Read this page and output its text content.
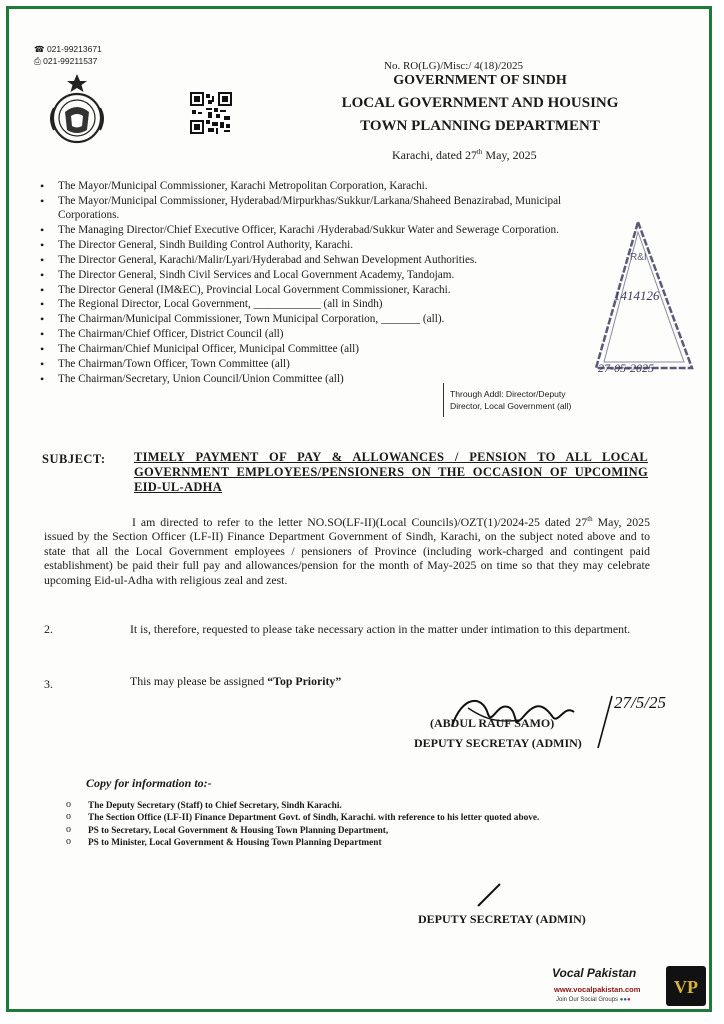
☎ 021-99213671
⎙ 021-99211537	No. RO(LG)/Misc:/ 4(18)/2025
GOVERNMENT OF SINDH
LOCAL GOVERNMENT AND HOUSING
TOWN PLANNING DEPARTMENT
Karachi, dated 27th May, 2025
• The Mayor/Municipal Commissioner, Karachi Metropolitan Corporation, Karachi.
• The Mayor/Municipal Commissioner, Hyderabad/Mirpurkhas/Sukkur/Larkana/Shaheed Benazirabad, Municipal Corporations.
• The Managing Director/Chief Executive Officer, Karachi /Hyderabad/Sukkur Water and Sewerage Corporation.
• The Director General, Sindh Building Control Authority, Karachi.
• The Director General, Karachi/Malir/Lyari/Hyderabad and Sehwan Development Authorities.
• The Director General, Sindh Civil Services and Local Government Academy, Tandojam.
• The Director General (IM&EC), Provincial Local Government Commissioner, Karachi.
• The Regional Director, Local Government, ____________ (all in Sindh)
• The Chairman/Municipal Commissioner, Town Municipal Corporation, _______ (all).
• The Chairman/Chief Officer, District Council (all)
• The Chairman/Chief Municipal Officer, Municipal Committee (all)
• The Chairman/Town Officer, Town Committee (all)
• The Chairman/Secretary, Union Council/Union Committee (all)
Through Addl: Director/Deputy
Director, Local Government (all)
R&I
1414126
27-05-2025
SUBJECT: TIMELY PAYMENT OF PAY & ALLOWANCES / PENSION TO ALL LOCAL GOVERNMENT EMPLOYEES/PENSIONERS ON THE OCCASION OF UPCOMING EID-UL-ADHA
I am directed to refer to the letter NO.SO(LF-II)(Local Councils)/OZT(1)/2024-25 dated 27th May, 2025 issued by the Section Officer (LF-II) Finance Department Government of Sindh, Karachi, on the subject noted above and to state that all the Local Government employees / pensioners of Province (including work-charged and contingent paid establishment) be paid their full pay and allowances/pension for the month of May-2025 on time so that they may celebrate upcoming Eid-ul-Adha with religious zeal and zest.
2.	It is, therefore, requested to please take necessary action in the matter under intimation to this department.
3.	This may please be assigned “Top Priority”
27/5/25
(ABDUL RAUF SAMO)
DEPUTY SECRETAY (ADMIN)
Copy for information to:-
o The Deputy Secretary (Staff) to Chief Secretary, Sindh Karachi.
o The Section Office (LF-II) Finance Department Govt. of Sindh, Karachi. with reference to his letter quoted above.
o PS to Secretary, Local Government & Housing Town Planning Department,
o PS to Minister, Local Government & Housing Town Planning Department
DEPUTY SECRETAY (ADMIN)
Vocal Pakistan
www.vocalpakistan.com
Join Our Social Groups ●●●
VP
